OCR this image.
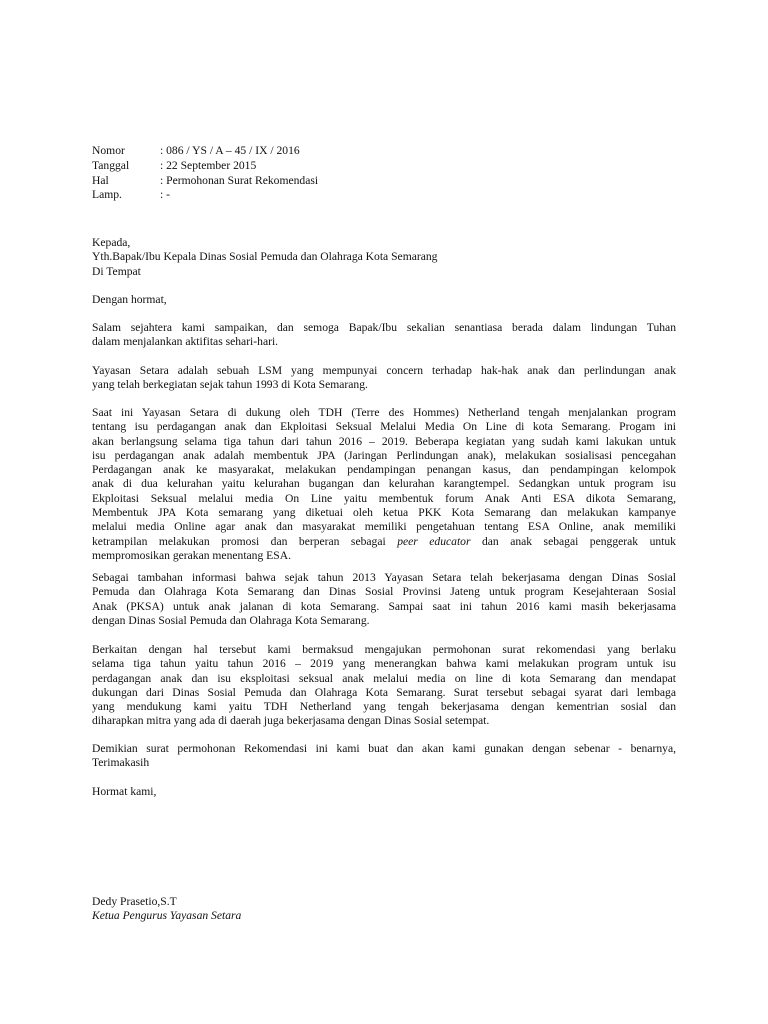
Nomor	: 086 / YS / A – 45 / IX / 2016
Tanggal	: 22 September 2015
Hal	: Permohonan Surat Rekomendasi
Lamp.	: -
Kepada,
Yth.Bapak/Ibu Kepala Dinas Sosial Pemuda dan Olahraga Kota Semarang
Di Tempat
Dengan hormat,
Salam sejahtera kami sampaikan, dan semoga Bapak/Ibu sekalian senantiasa berada dalam lindungan Tuhan
dalam menjalankan aktifitas sehari-hari.
Yayasan Setara adalah sebuah LSM yang mempunyai concern terhadap hak-hak anak dan perlindungan anak
yang telah berkegiatan sejak tahun 1993 di Kota Semarang.
Saat ini Yayasan Setara di dukung oleh TDH (Terre des Hommes) Netherland tengah menjalankan program
tentang isu perdagangan anak dan Ekploitasi Seksual Melalui Media On Line di kota Semarang. Progam ini
akan berlangsung selama tiga tahun dari tahun 2016 – 2019. Beberapa kegiatan yang sudah kami lakukan untuk
isu perdagangan anak adalah membentuk JPA (Jaringan Perlindungan anak), melakukan sosialisasi pencegahan
Perdagangan anak ke masyarakat, melakukan pendampingan penangan kasus, dan pendampingan kelompok
anak di dua kelurahan yaitu kelurahan bugangan dan kelurahan karangtempel. Sedangkan untuk program isu
Ekploitasi Seksual melalui media On Line yaitu membentuk forum Anak Anti ESA dikota Semarang,
Membentuk JPA Kota semarang yang diketuai oleh ketua PKK Kota Semarang dan melakukan kampanye
melalui media Online agar anak dan masyarakat memiliki pengetahuan tentang ESA Online, anak memiliki
ketrampilan melakukan promosi dan berperan sebagai peer educator dan anak sebagai penggerak untuk
mempromosikan gerakan menentang ESA.
Sebagai tambahan informasi bahwa sejak tahun 2013 Yayasan Setara telah bekerjasama dengan Dinas Sosial
Pemuda dan Olahraga Kota Semarang dan Dinas Sosial Provinsi Jateng untuk program Kesejahteraan Sosial
Anak (PKSA) untuk anak jalanan di kota Semarang. Sampai saat ini tahun 2016 kami masih bekerjasama
dengan Dinas Sosial Pemuda dan Olahraga Kota Semarang.
Berkaitan dengan hal tersebut kami bermaksud mengajukan permohonan surat rekomendasi yang berlaku
selama tiga tahun yaitu tahun 2016 – 2019 yang menerangkan bahwa kami melakukan program untuk isu
perdagangan anak dan isu eksploitasi seksual anak melalui media on line di kota Semarang dan mendapat
dukungan dari Dinas Sosial Pemuda dan Olahraga Kota Semarang. Surat tersebut sebagai syarat dari lembaga
yang mendukung kami yaitu TDH Netherland yang tengah bekerjasama dengan kementrian sosial dan
diharapkan mitra yang ada di daerah juga bekerjasama dengan Dinas Sosial setempat.
Demikian surat permohonan Rekomendasi ini kami buat dan akan kami gunakan dengan sebenar - benarnya,
Terimakasih
Hormat kami,
Dedy Prasetio,S.T
Ketua Pengurus Yayasan Setara
